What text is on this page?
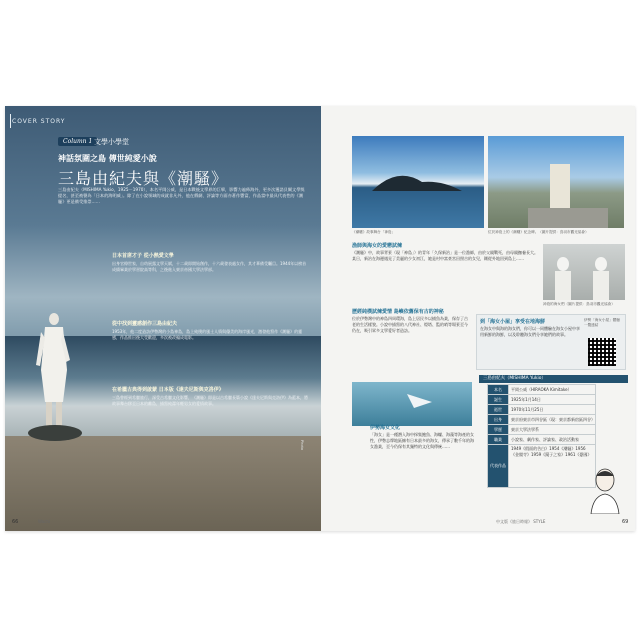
COVER STORY
Column 1 文學小學堂
神話氛圍之島 傳世純愛小說
三島由紀夫與《潮騷》
三島由紀夫（MISHIMA Yukio，1925－1970），本名平岡公威，是日本戰後文學界的巨擘，影響力遍佈海外，更多次獲諾貝爾文學獎提名，甚至被譽為「日本的海明威」。除了在小說領域的成就非凡外，他在戲劇、評論等方面亦著作豐富，作品當中最具代表性的《潮騷》更是備受推崇……
日本首席才子 從小熱愛文學
出身官僚世家，自幼展露文學天賦，十二歲即開始創作，十六歲發表處女作，其才華備受矚目。1944年以榜首成績畢業於學習院高等科，之後進入東京帝國大學法學部。
從中找到靈感創作三島由紀夫
1953年，他二度造訪伊勢灣的小島神島，島上純樸的風土人情與優美的海岸風光，激發他寫作《潮騷》的靈感，作品推出後大受歡迎，多次被改編成電影。
在希臘古典得到啟蒙 日本版《達夫尼斯與克洛伊》
三島曾經到希臘旅行，深受古希臘文化影響，《潮騷》即是以古希臘長篇小說《達夫尼斯與克洛伊》為藍本，將故事舞台移至日本的離島，描寫純潔年輕男女的愛情故事。
Photo
66	Wochi
《潮騷》故事舞台「神島」	位於神島上的《潮騷》紀念碑。（圖片提供：鳥羽市觀光協會）
漁師與海女的愛戀試煉
《潮騷》中，故事背景（現「神島」）的青年「久保新治」是一位漁師，由於父親戰死，由母親撫養長大。某日，新治在海邊遇見了美麗的少女初江，她是村中富豪宮田照吉的女兒，剛從外地回到島上……
神島的海女們（圖片提供：鳥羽市觀光協會）
歷經純樸試煉愛情 島嶼依舊保有古的神秘
位於伊勢灣中的神島四周環海，島上居民多以捕魚為業，保存了古老的生活樣貌。小說中描寫的八代神社、燈塔、監的哨等場景至今仍在，吸引眾多文學愛好者造訪。
伊勢海女文化
「海女」是一種潛入海中採集鮑魚、海螺、海藻等海產的女性，伊勢志摩地區擁有日本最多的海女，傳承了數千年的海女漁業，至今仍保有其獨特的文化與傳統……
到「海女小屋」享受在地海鮮
在海女中與海的海女們，你可以一同體驗在海女小屋中享用新鮮的海鮮，以及聆聽海女們分享她們的故事。
伊勢「海女小屋」體驗一覽連結
三島由紀夫（MISHIMA Yukio）
本名	平岡公威（HIRAOKA Kimitake）
誕生	1925年1月14日
逝世	1970年11月25日
出身	東京府東京市四谷區（現：東京都新宿區四谷）
學歷	東京大學法學系
職業	小說家、劇作家、評論家、政治活動家
代表作品	1949《假面的告白》1954《潮騷》1956《金閣寺》1959《鏡子之家》1961《憂國》
69
中文版《旅日時報》 STYLE
